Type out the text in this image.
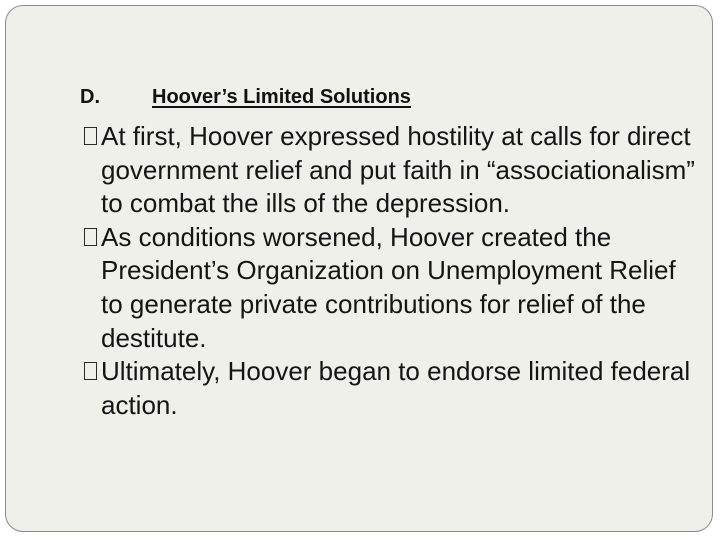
D.	Hoover’s Limited Solutions
At first, Hoover expressed hostility at calls for direct government relief and put faith in “associationalism” to combat the ills of the depression.
As conditions worsened, Hoover created the President’s Organization on Unemployment Relief to generate private contributions for relief of the destitute.
Ultimately, Hoover began to endorse limited federal action.
